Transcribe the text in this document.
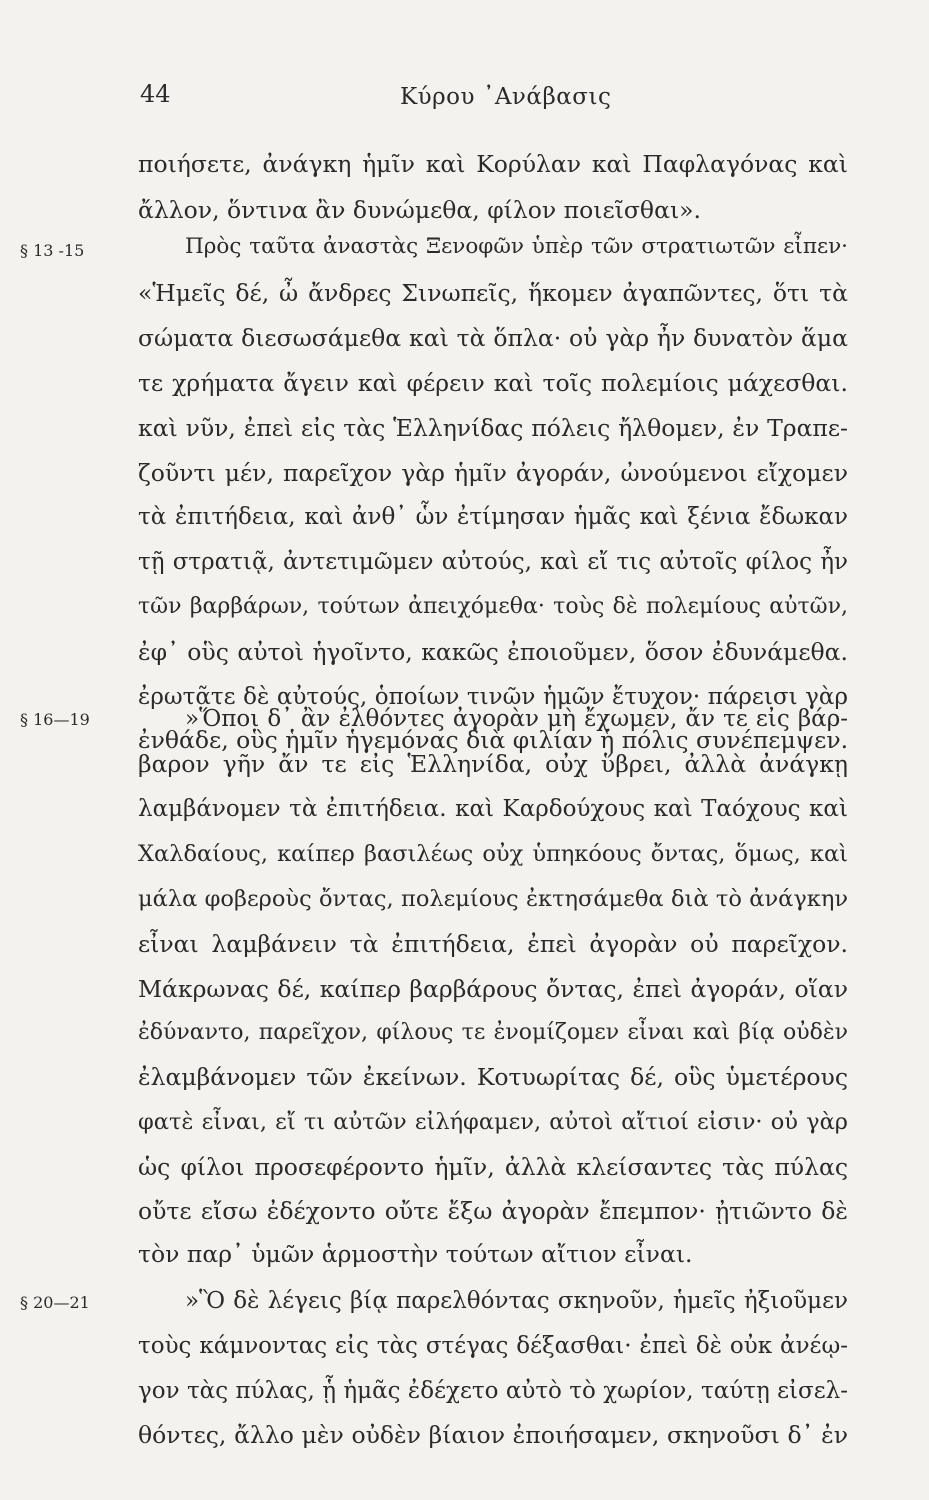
44	Κύρου ᾿Ανάβασις
ποιήσετε, ἀνάγκη ἡμῖν καὶ Κορύλαν καὶ Παφλαγόνας καὶ
ἄλλον, ὅντινα ἂν δυνώμεθα, φίλον ποιεῖσθαι».
§ 13 -15	Πρὸς ταῦτα ἀναστὰς Ξενοφῶν ὑπὲρ τῶν στρατιωτῶν εἶπεν·
«Ἡμεῖς δέ, ὦ ἄνδρες Σινωπεῖς, ἥκομεν ἀγαπῶντες, ὅτι τὰ
σώματα διεσωσάμεθα καὶ τὰ ὅπλα· οὐ γὰρ ἦν δυνατὸν ἅμα
τε χρήματα ἄγειν καὶ φέρειν καὶ τοῖς πολεμίοις μάχεσθαι.
καὶ νῦν, ἐπεὶ εἰς τὰς Ἑλληνίδας πόλεις ἤλθομεν, ἐν Τραπε-
ζοῦντι μέν, παρεῖχον γὰρ ἡμῖν ἀγοράν, ὠνούμενοι εἴχομεν
τὰ ἐπιτήδεια, καὶ ἀνθ᾿ ὧν ἐτίμησαν ἡμᾶς καὶ ξένια ἔδωκαν
τῇ στρατιᾷ, ἀντετιμῶμεν αὐτούς, καὶ εἴ τις αὐτοῖς φίλος ἦν
τῶν βαρβάρων, τούτων ἀπειχόμεθα· τοὺς δὲ πολεμίους αὐτῶν,
ἐφ᾿ οὓς αὐτοὶ ἡγοῖντο, κακῶς ἐποιοῦμεν, ὅσον ἐδυνάμεθα.
ἐρωτᾶτε δὲ αὐτούς, ὁποίων τινῶν ἡμῶν ἔτυχον· πάρεισι γὰρ
ἐνθάδε, οὓς ἡμῖν ἡγεμόνας διὰ φιλίαν ἡ πόλις συνέπεμψεν.
§ 16—19	»Ὅποι δ᾿ ἂν ἐλθόντες ἀγορὰν μὴ ἔχωμεν, ἄν τε εἰς βάρ-
βαρον γῆν ἄν τε εἰς Ἑλληνίδα, οὐχ ὕβρει, ἀλλὰ ἀνάγκῃ
λαμβάνομεν τὰ ἐπιτήδεια. καὶ Καρδούχους καὶ Ταόχους καὶ
Χαλδαίους, καίπερ βασιλέως οὐχ ὑπηκόους ὄντας, ὅμως, καὶ
μάλα φοβεροὺς ὄντας, πολεμίους ἐκτησάμεθα διὰ τὸ ἀνάγκην
εἶναι λαμβάνειν τὰ ἐπιτήδεια, ἐπεὶ ἀγορὰν οὐ παρεῖχον.
Μάκρωνας δέ, καίπερ βαρβάρους ὄντας, ἐπεὶ ἀγοράν, οἵαν
ἐδύναντο, παρεῖχον, φίλους τε ἐνομίζομεν εἶναι καὶ βίᾳ οὐδὲν
ἐλαμβάνομεν τῶν ἐκείνων. Κοτυωρίτας δέ, οὓς ὑμετέρους
φατὲ εἶναι, εἴ τι αὐτῶν εἰλήφαμεν, αὐτοὶ αἴτιοί εἰσιν· οὐ γὰρ
ὡς φίλοι προσεφέροντο ἡμῖν, ἀλλὰ κλείσαντες τὰς πύλας
οὔτε εἴσω ἐδέχοντο οὔτε ἔξω ἀγορὰν ἔπεμπον· ᾐτιῶντο δὲ
τὸν παρ᾿ ὑμῶν ἁρμοστὴν τούτων αἴτιον εἶναι.
§ 20—21	»Ὃ δὲ λέγεις βίᾳ παρελθόντας σκηνοῦν, ἡμεῖς ἠξιοῦμεν
τοὺς κάμνοντας εἰς τὰς στέγας δέξασθαι· ἐπεὶ δὲ οὐκ ἀνέῳ-
γον τὰς πύλας, ᾗ ἡμᾶς ἐδέχετο αὐτὸ τὸ χωρίον, ταύτῃ εἰσελ-
θόντες, ἄλλο μὲν οὐδὲν βίαιον ἐποιήσαμεν, σκηνοῦσι δ᾿ ἐν
